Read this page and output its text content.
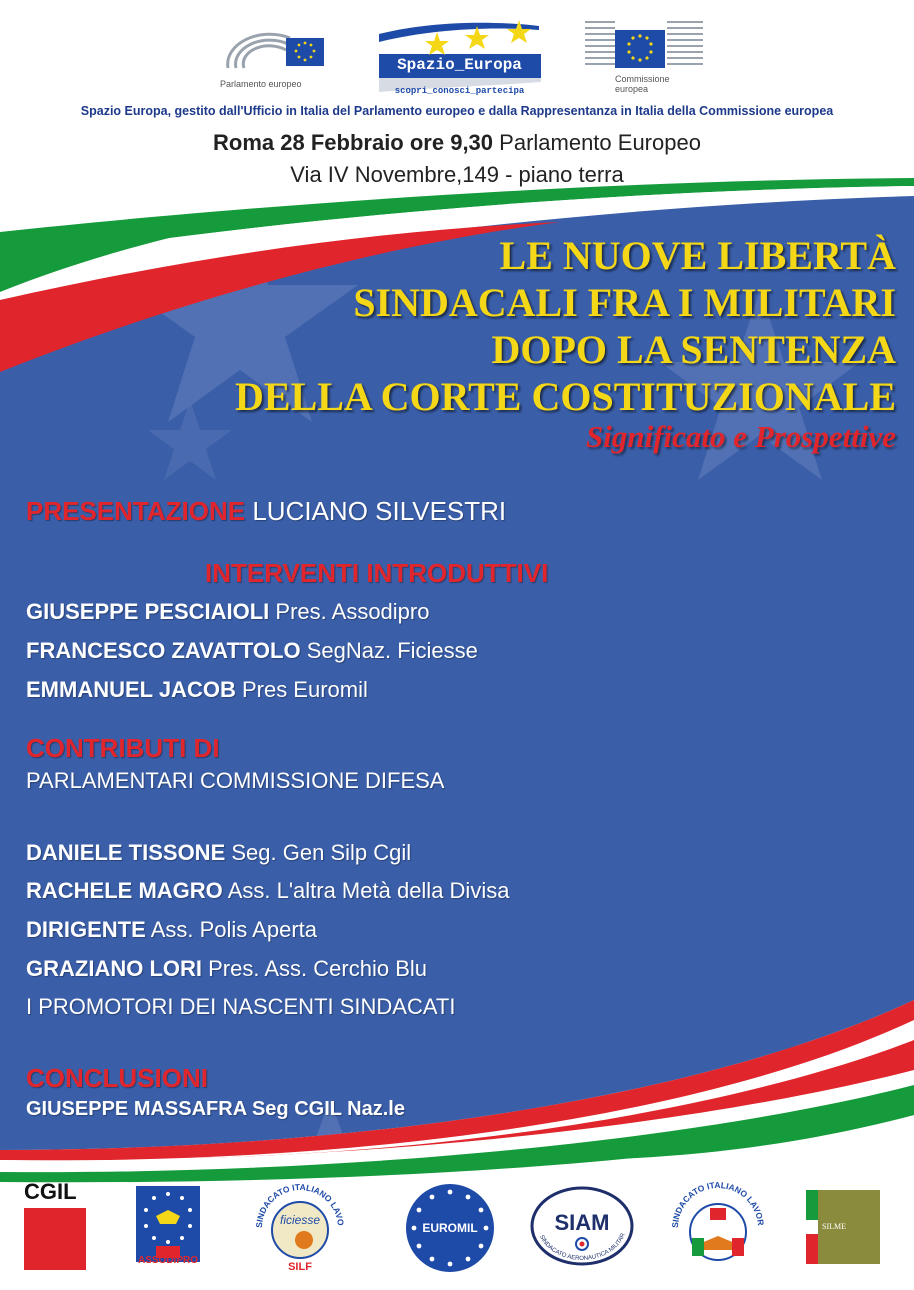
Parlamento europeo
Spazio_Europa
scopri_conosci_partecipa
Commissione
europea
Spazio Europa, gestito dall'Ufficio in Italia del Parlamento europeo e dalla Rappresentanza in Italia della Commissione europea
Roma 28 Febbraio ore 9,30 Parlamento Europeo
Via IV Novembre,149 - piano terra
LE NUOVE LIBERTÀ
SINDACALI FRA I MILITARI
DOPO LA SENTENZA
DELLA CORTE COSTITUZIONALE
Significato e Prospettive
PRESENTAZIONE LUCIANO SILVESTRI
INTERVENTI INTRODUTTIVI
GIUSEPPE PESCIAIOLI Pres. Assodipro
FRANCESCO ZAVATTOLO SegNaz. Ficiesse
EMMANUEL JACOB Pres Euromil
CONTRIBUTI DI
PARLAMENTARI COMMISSIONE DIFESA
DANIELE TISSONE Seg. Gen Silp Cgil
RACHELE MAGRO Ass. L'altra Metà della Divisa
DIRIGENTE Ass. Polis Aperta
GRAZIANO LORI Pres. Ass. Cerchio Blu
I PROMOTORI DEI NASCENTI SINDACATI
CONCLUSIONI
GIUSEPPE MASSAFRA Seg CGIL Naz.le
CGIL
ASSODIPRO
SINDACATO ITALIANO LAVO
ficiesse
SILF
EUROMIL	SIAM
SINDACATO AERONAUTICA MILITAR
SINDACATO ITALIANO LAVOR	SILME
